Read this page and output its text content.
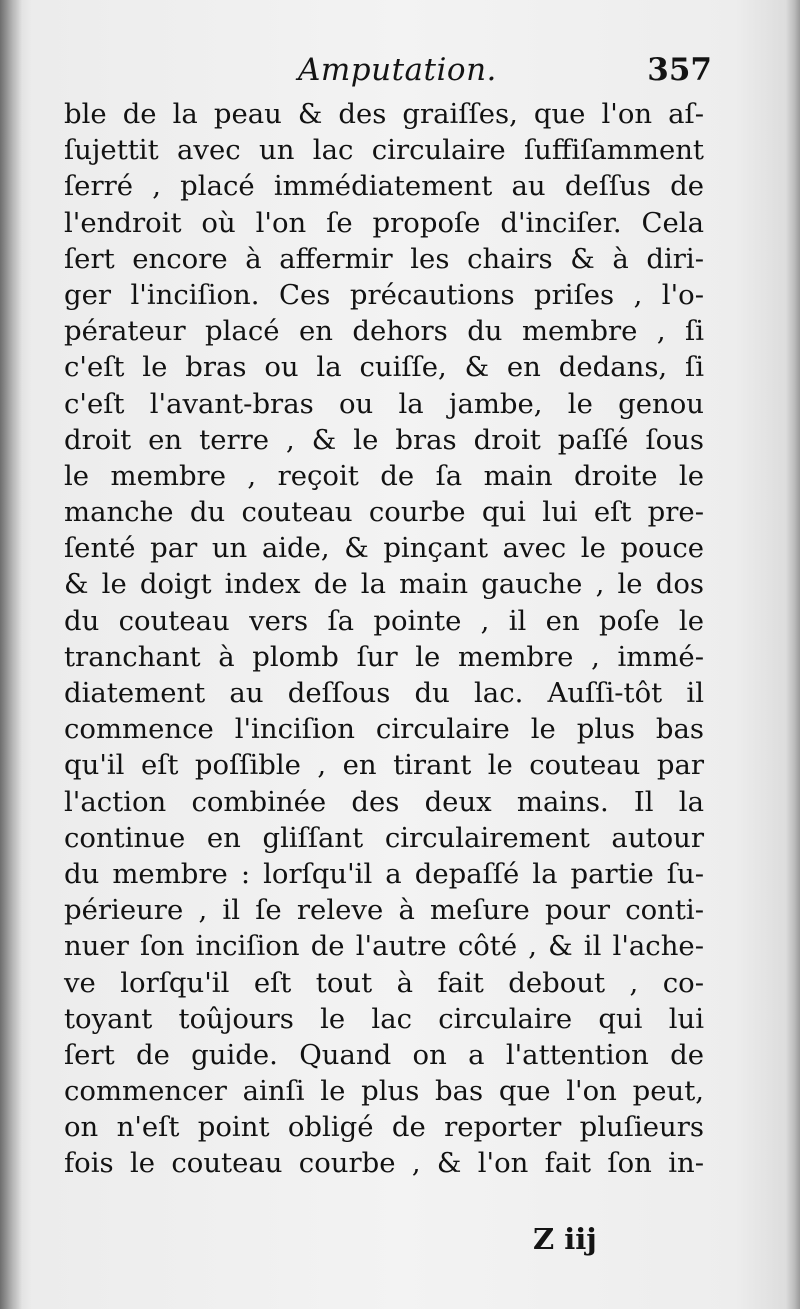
Amputation.	357
ble de la peau & des graiſſes, que l'on aſ-
ſujettit avec un lac circulaire ſuffiſamment
ſerré , placé immédiatement au deſſus de
l'endroit où l'on ſe propoſe d'inciſer. Cela
ſert encore à affermir les chairs & à diri-
ger l'inciſion. Ces précautions priſes , l'o-
pérateur placé en dehors du membre , ſi
c'eſt le bras ou la cuiſſe, & en dedans, ſi
c'eſt l'avant-bras ou la jambe, le genou
droit en terre , & le bras droit paſſé ſous
le membre , reçoit de ſa main droite le
manche du couteau courbe qui lui eſt pre-
ſenté par un aide, & pinçant avec le pouce
& le doigt index de la main gauche , le dos
du couteau vers ſa pointe , il en poſe le
tranchant à plomb ſur le membre , immé-
diatement au deſſous du lac. Auſſi-tôt il
commence l'inciſion circulaire le plus bas
qu'il eſt poſſible , en tirant le couteau par
l'action combinée des deux mains. Il la
continue en gliſſant circulairement autour
du membre : lorſqu'il a depaſſé la partie ſu-
périeure , il ſe releve à meſure pour conti-
nuer ſon inciſion de l'autre côté , & il l'ache-
ve lorſqu'il eſt tout à fait debout , co-
toyant toûjours le lac circulaire qui lui
ſert de guide. Quand on a l'attention de
commencer ainſi le plus bas que l'on peut,
on n'eſt point obligé de reporter pluſieurs
fois le couteau courbe , & l'on fait ſon in-
Z iij
